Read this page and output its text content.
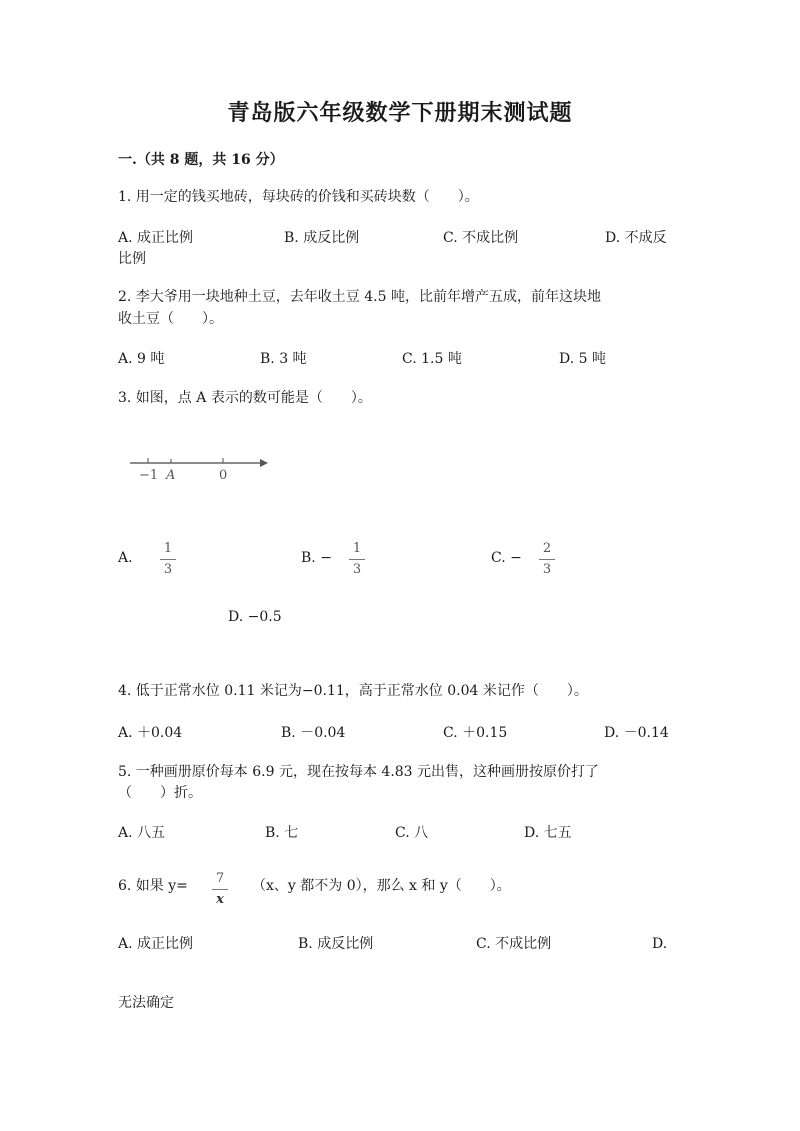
青岛版六年级数学下册期末测试题
一.（共 8 题，共 16 分）
1. 用一定的钱买地砖，每块砖的价钱和买砖块数（　　）。
A. 成正比例	B. 成反比例	C. 不成比例	D. 不成反
比例
2. 李大爷用一块地种土豆，去年收土豆 4.5 吨，比前年增产五成，前年这块地
收土豆（　　）。
A. 9 吨	B. 3 吨	C. 1.5 吨	D. 5 吨
3. 如图，点 A 表示的数可能是（　　）。
−1 A	0
A.
1
3
B. −
1
3
C. −
2
3
D. −0.5
4. 低于正常水位 0.11 米记为−0.11，高于正常水位 0.04 米记作（　　）。
A. ＋0.04	B. －0.04	C. ＋0.15	D. －0.14
5. 一种画册原价每本 6.9 元，现在按每本 4.83 元出售，这种画册按原价打了
（　　）折。
A. 八五	B. 七	C. 八	D. 七五
6. 如果 y= 7
x
（x、y 都不为 0），那么 x 和 y（　　）。
A. 成正比例	B. 成反比例	C. 不成比例	D.
无法确定
